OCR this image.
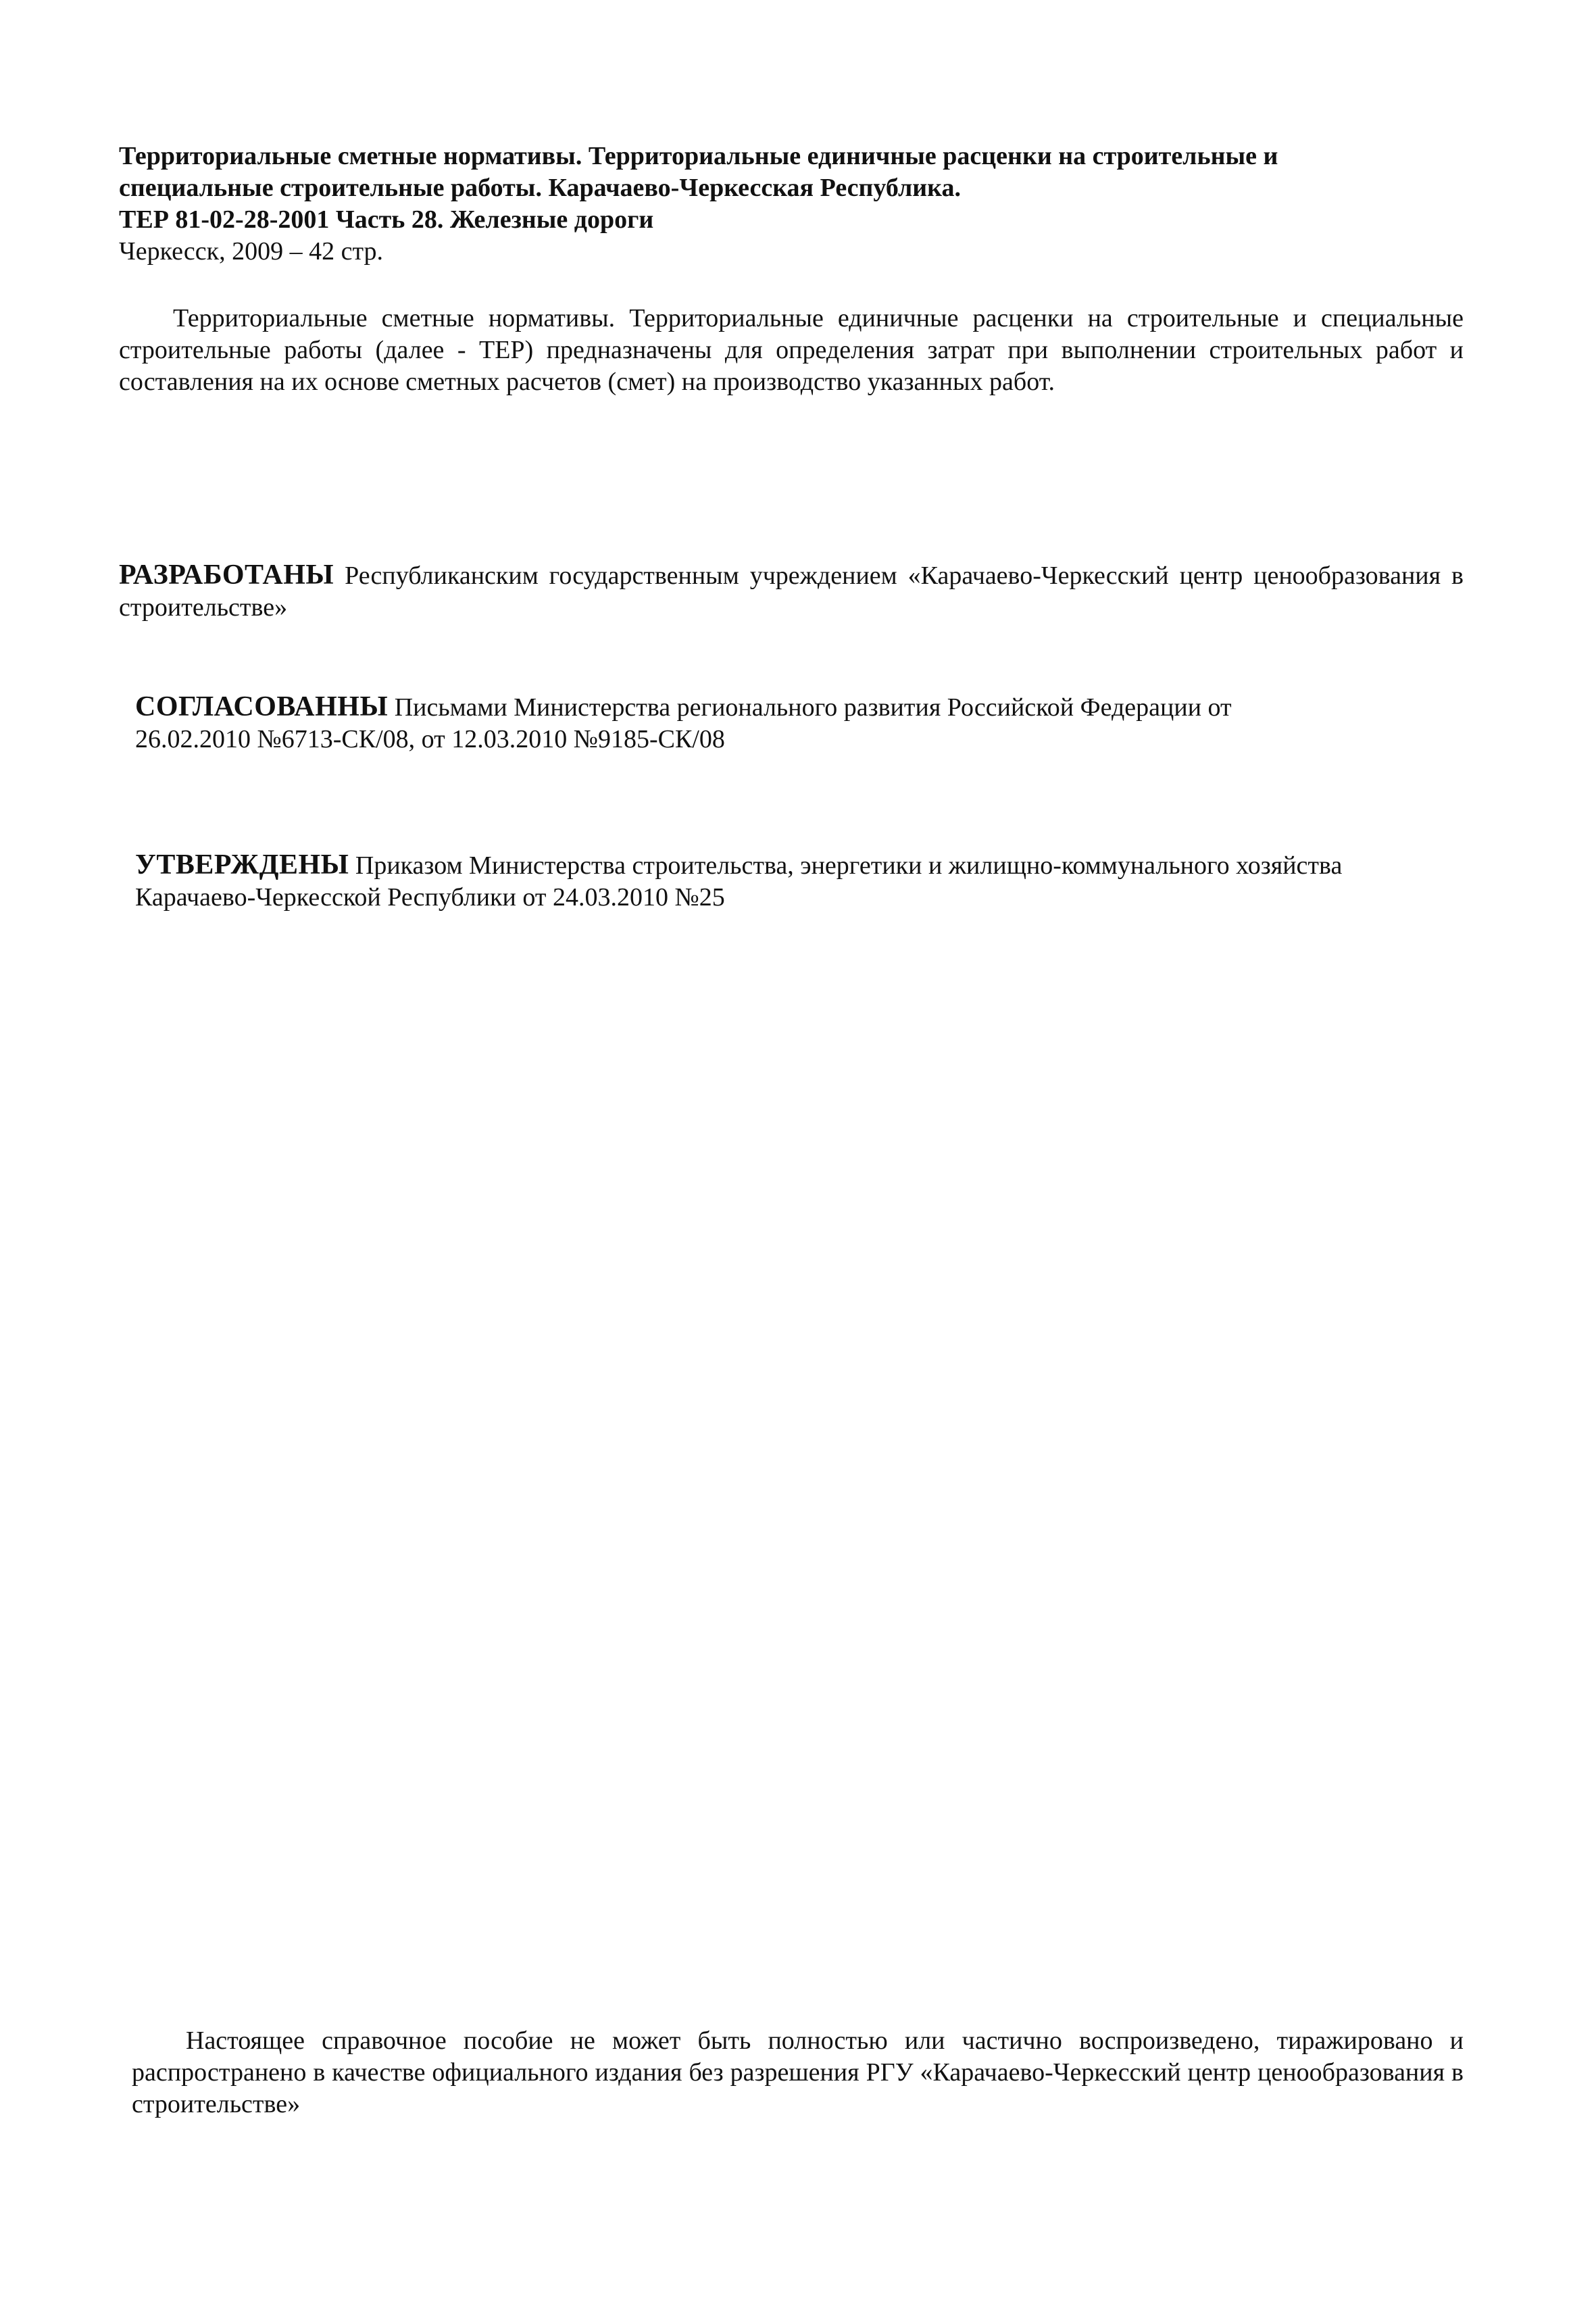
Территориальные сметные нормативы. Территориальные единичные расценки на строительные и
специальные строительные работы. Карачаево-Черкесская Республика.
ТЕР 81-02-28-2001 Часть 28. Железные дороги
Черкесск, 2009 – 42 стр.
Территориальные сметные нормативы. Территориальные единичные расценки на строительные и специальные строительные работы (далее - ТЕР) предназначены для определения затрат при выполнении строительных работ и составления на их основе сметных расчетов (смет) на производство указанных работ.
РАЗРАБОТАНЫ Республиканским государственным учреждением «Карачаево-Черкесский центр ценообразования в строительстве»
СОГЛАСОВАННЫ Письмами Министерства регионального развития Российской Федерации от
26.02.2010 №6713-СК/08, от 12.03.2010 №9185-СК/08
УТВЕРЖДЕНЫ Приказом Министерства строительства, энергетики и жилищно-коммунального хозяйства
Карачаево-Черкесской Республики от 24.03.2010 №25
Настоящее справочное пособие не может быть полностью или частично воспроизведено, тиражировано и распространено в качестве официального издания без разрешения РГУ «Карачаево-Черкесский центр ценообразования в строительстве»
